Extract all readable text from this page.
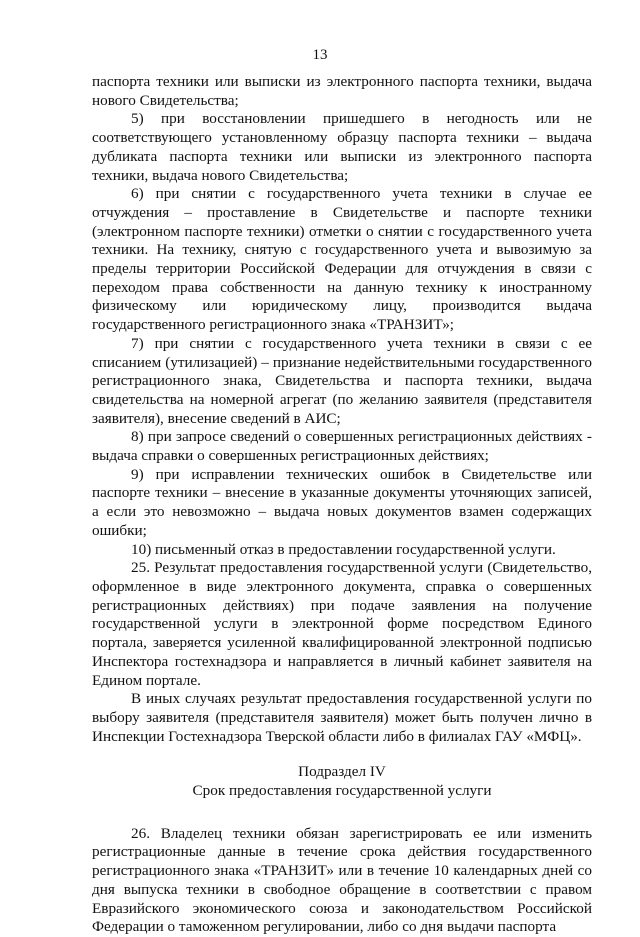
13

паспорта техники или выписки из электронного паспорта техники, выдача нового Свидетельства;

5) при восстановлении пришедшего в негодность или не соответствующего установленному образцу паспорта техники – выдача дубликата паспорта техники или выписки из электронного паспорта техники, выдача нового Свидетельства;

6) при снятии с государственного учета техники в случае ее отчуждения – проставление в Свидетельстве и паспорте техники (электронном паспорте техники) отметки о снятии с государственного учета техники. На технику, снятую с государственного учета и вывозимую за пределы территории Российской Федерации для отчуждения в связи с переходом права собственности на данную технику к иностранному физическому или юридическому лицу, производится выдача государственного регистрационного знака «ТРАНЗИТ»;

7) при снятии с государственного учета техники в связи с ее списанием (утилизацией) – признание недействительными государственного регистрационного знака, Свидетельства и паспорта техники, выдача свидетельства на номерной агрегат (по желанию заявителя (представителя заявителя), внесение сведений в АИС;

8) при запросе сведений о совершенных регистрационных действиях - выдача справки о совершенных регистрационных действиях;

9) при исправлении технических ошибок в Свидетельстве или паспорте техники – внесение в указанные документы уточняющих записей, а если это невозможно – выдача новых документов взамен содержащих ошибки;

10) письменный отказ в предоставлении государственной услуги.

25. Результат предоставления государственной услуги (Свидетельство, оформленное в виде электронного документа, справка о совершенных регистрационных действиях) при подаче заявления на получение государственной услуги в электронной форме посредством Единого портала, заверяется усиленной квалифицированной электронной подписью Инспектора гостехнадзора и направляется в личный кабинет заявителя на Едином портале.

В иных случаях результат предоставления государственной услуги по выбору заявителя (представителя заявителя) может быть получен лично в Инспекции Гостехнадзора Тверской области либо в филиалах ГАУ «МФЦ».

Подраздел IV

Срок предоставления государственной услуги

26. Владелец техники обязан зарегистрировать ее или изменить регистрационные данные в течение срока действия государственного регистрационного знака «ТРАНЗИТ» или в течение 10 календарных дней со дня выпуска техники в свободное обращение в соответствии с правом Евразийского экономического союза и законодательством Российской Федерации о таможенном регулировании, либо со дня выдачи паспорта
